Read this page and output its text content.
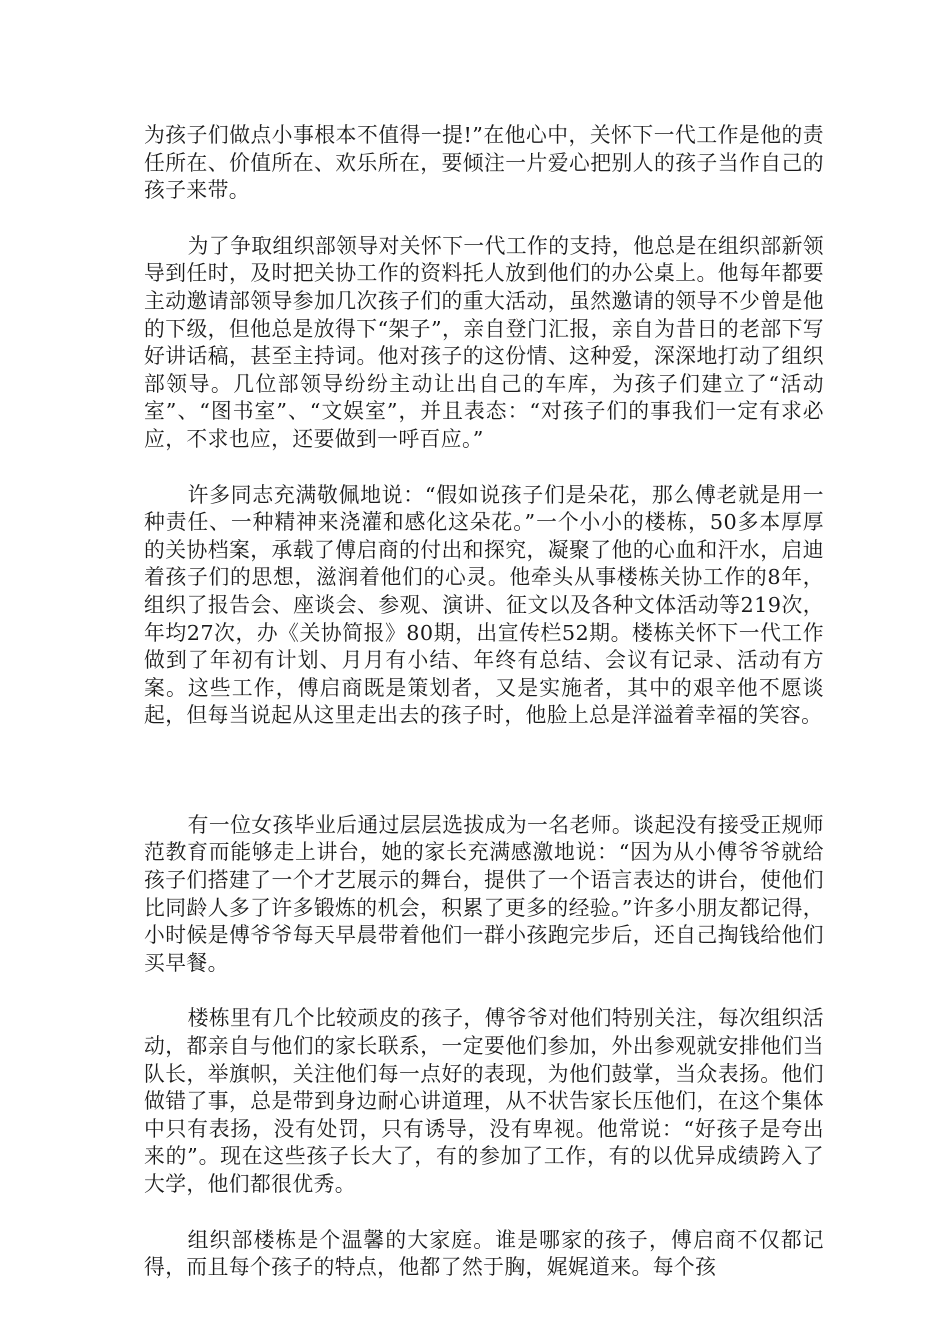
为孩子们做点小事根本不值得一提!”在他心中，关怀下一代工作是他的责任所在、价值所在、欢乐所在，要倾注一片爱心把别人的孩子当作自己的孩子来带。

为了争取组织部领导对关怀下一代工作的支持，他总是在组织部新领导到任时，及时把关协工作的资料托人放到他们的办公桌上。他每年都要主动邀请部领导参加几次孩子们的重大活动，虽然邀请的领导不少曾是他的下级，但他总是放得下“架子”，亲自登门汇报，亲自为昔日的老部下写好讲话稿，甚至主持词。他对孩子的这份情、这种爱，深深地打动了组织部领导。几位部领导纷纷主动让出自己的车库，为孩子们建立了“活动室”、“图书室”、“文娱室”，并且表态：“对孩子们的事我们一定有求必应，不求也应，还要做到一呼百应。”

许多同志充满敬佩地说：“假如说孩子们是朵花，那么傅老就是用一种责任、一种精神来浇灌和感化这朵花。”一个小小的楼栋，50多本厚厚的关协档案，承载了傅启商的付出和探究，凝聚了他的心血和汗水，启迪着孩子们的思想，滋润着他们的心灵。他牵头从事楼栋关协工作的8年，组织了报告会、座谈会、参观、演讲、征文以及各种文体活动等219次，年均27次，办《关协简报》80期，出宣传栏52期。楼栋关怀下一代工作做到了年初有计划、月月有小结、年终有总结、会议有记录、活动有方案。这些工作，傅启商既是策划者，又是实施者，其中的艰辛他不愿谈起，但每当说起从这里走出去的孩子时，他脸上总是洋溢着幸福的笑容。

有一位女孩毕业后通过层层选拔成为一名老师。谈起没有接受正规师范教育而能够走上讲台，她的家长充满感激地说：“因为从小傅爷爷就给孩子们搭建了一个才艺展示的舞台，提供了一个语言表达的讲台，使他们比同龄人多了许多锻炼的机会，积累了更多的经验。”许多小朋友都记得，小时候是傅爷爷每天早晨带着他们一群小孩跑完步后，还自己掏钱给他们买早餐。

楼栋里有几个比较顽皮的孩子，傅爷爷对他们特别关注，每次组织活动，都亲自与他们的家长联系，一定要他们参加，外出参观就安排他们当队长，举旗帜，关注他们每一点好的表现，为他们鼓掌，当众表扬。他们做错了事，总是带到身边耐心讲道理，从不状告家长压他们，在这个集体中只有表扬，没有处罚，只有诱导，没有卑视。他常说：“好孩子是夸出来的”。现在这些孩子长大了，有的参加了工作，有的以优异成绩跨入了大学，他们都很优秀。

组织部楼栋是个温馨的大家庭。谁是哪家的孩子，傅启商不仅都记得，而且每个孩子的特点，他都了然于胸，娓娓道来。每个孩
